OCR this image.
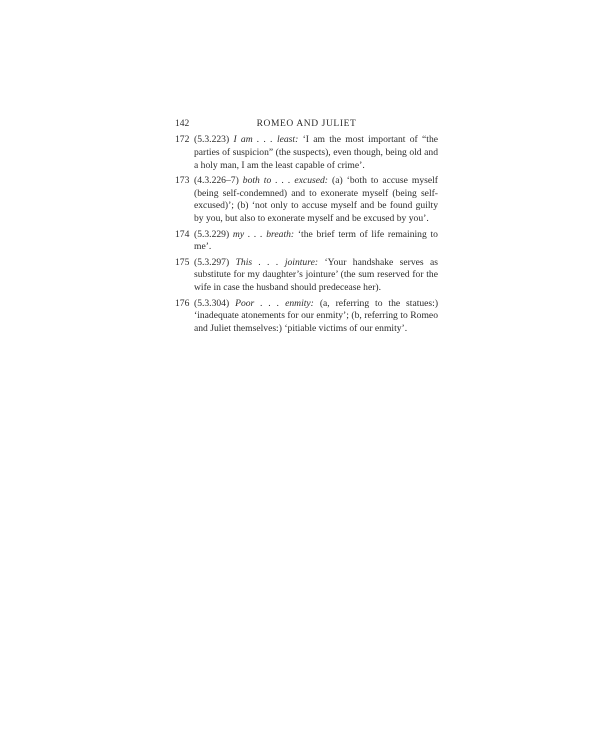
142	ROMEO AND JULIET
172 (5.3.223) I am . . . least: ‘I am the most important of “the parties of suspicion” (the suspects), even though, being old and a holy man, I am the least capable of crime’.
173 (4.3.226–7) both to . . . excused: (a) ‘both to accuse myself (being self-condemned) and to exonerate myself (being self-excused)’; (b) ‘not only to accuse myself and be found guilty by you, but also to exonerate myself and be excused by you’.
174 (5.3.229) my . . . breath: ‘the brief term of life remaining to me’.
175 (5.3.297) This . . . jointure: ‘Your handshake serves as substitute for my daughter’s jointure’ (the sum reserved for the wife in case the husband should predecease her).
176 (5.3.304) Poor . . . enmity: (a, referring to the statues:) ‘inadequate atonements for our enmity’; (b, referring to Romeo and Juliet themselves:) ‘pitiable victims of our enmity’.
